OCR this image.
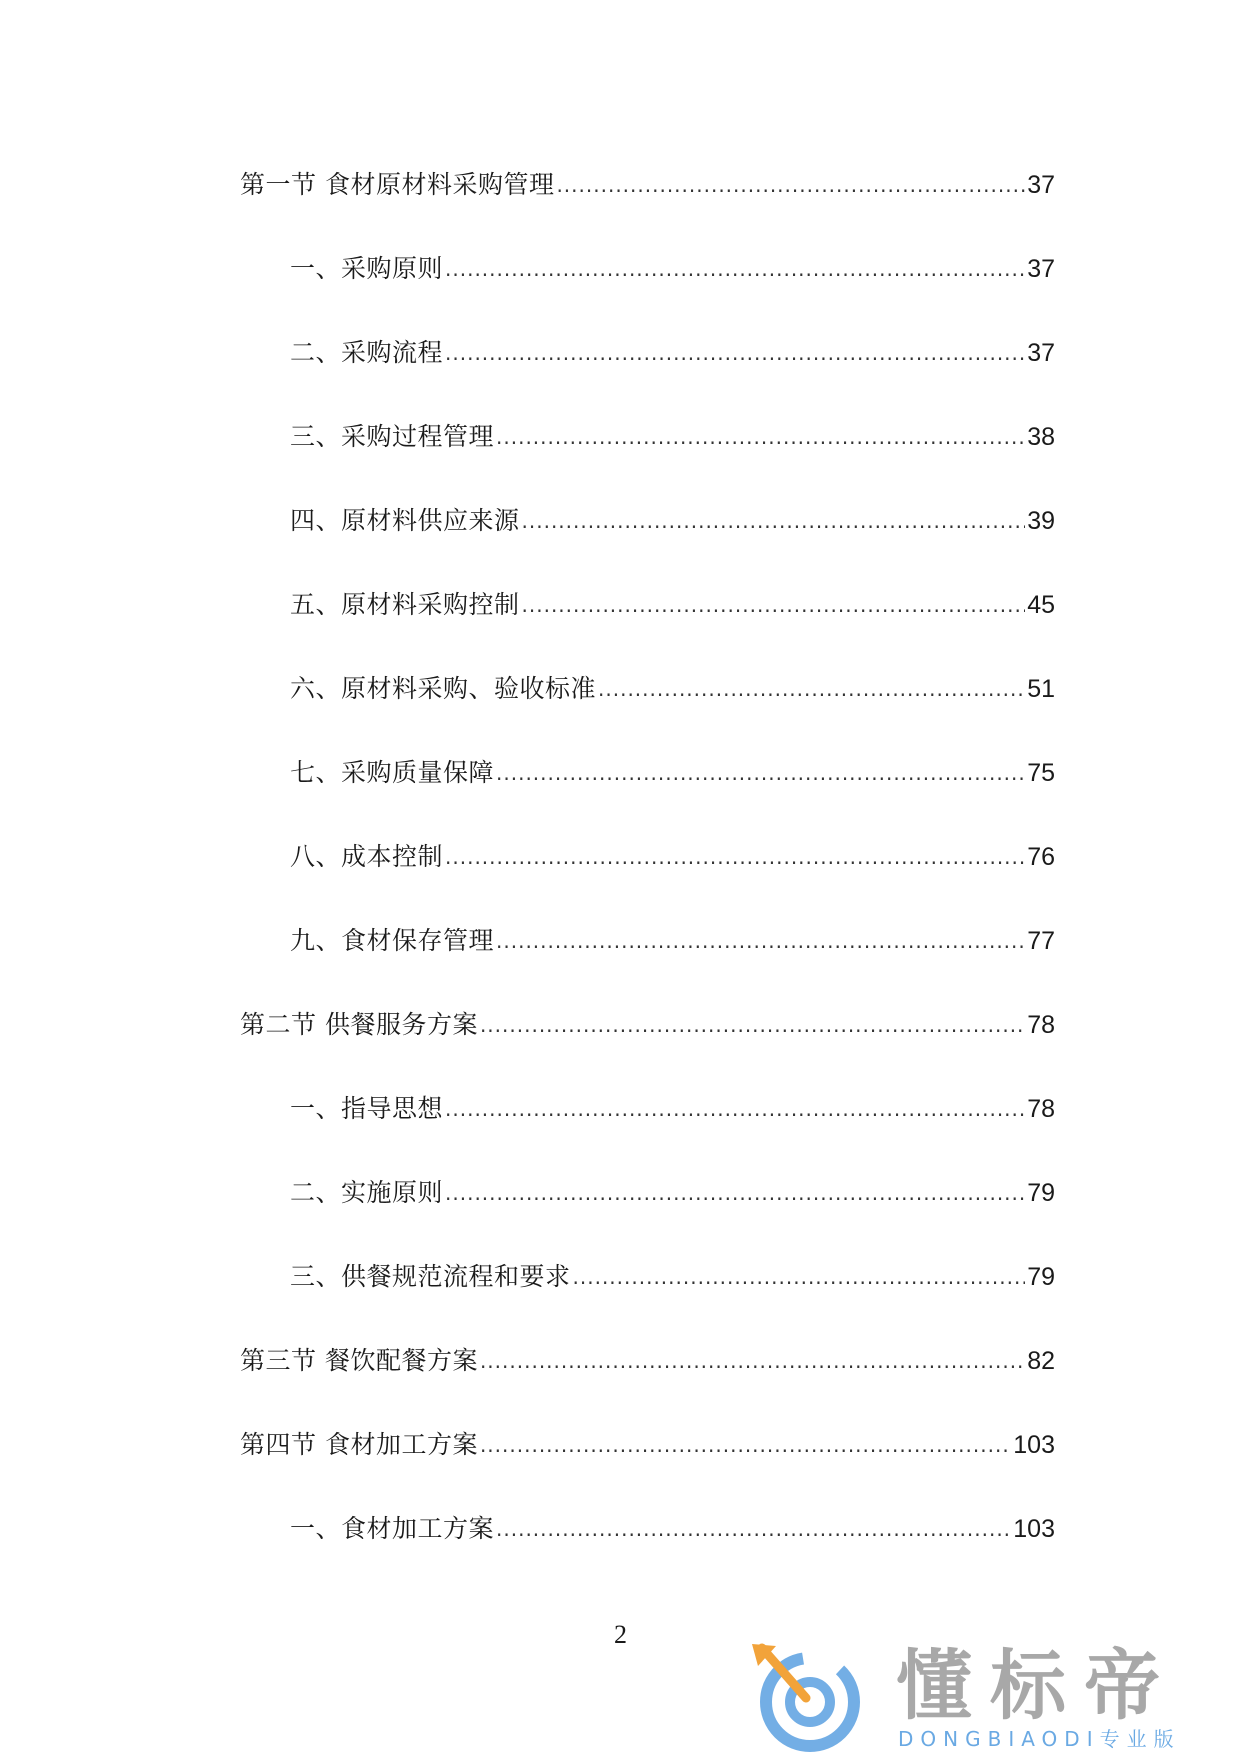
第一节 食材原材料采购管理 .....	37
一、采购原则 .....	37
二、采购流程 .....	37
三、采购过程管理 .....	38
四、原材料供应来源 .....	39
五、原材料采购控制 .....	45
六、原材料采购、验收标准 .....	51
七、采购质量保障 .....	75
八、成本控制 .....	76
九、食材保存管理 .....	77
第二节 供餐服务方案 .....	78
一、指导思想 .....	78
二、实施原则 .....	79
三、供餐规范流程和要求 .....	79
第三节 餐饮配餐方案 .....	82
第四节 食材加工方案 .....	103
一、食材加工方案 .....	103
2
懂标帝
DONGBIAODI专业版
